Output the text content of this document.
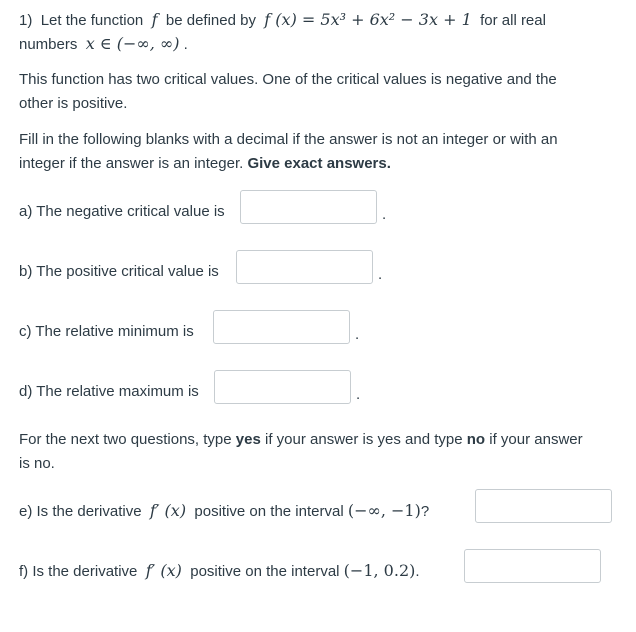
1) Let the function f be defined by f (x) = 5x³ + 6x² − 3x + 1 for all real
numbers x ∈ (−∞, ∞) .
This function has two critical values. One of the critical values is negative and the
other is positive.
Fill in the following blanks with a decimal if the answer is not an integer or with an
integer if the answer is an integer. Give exact answers.
a) The negative critical value is	.
b) The positive critical value is	.
c) The relative minimum is	.
d) The relative maximum is	.
For the next two questions, type yes if your answer is yes and type no if your answer
is no.
e) Is the derivative f′ (x) positive on the interval (−∞, −1)?
f) Is the derivative f′ (x) positive on the interval (−1, 0.2).
